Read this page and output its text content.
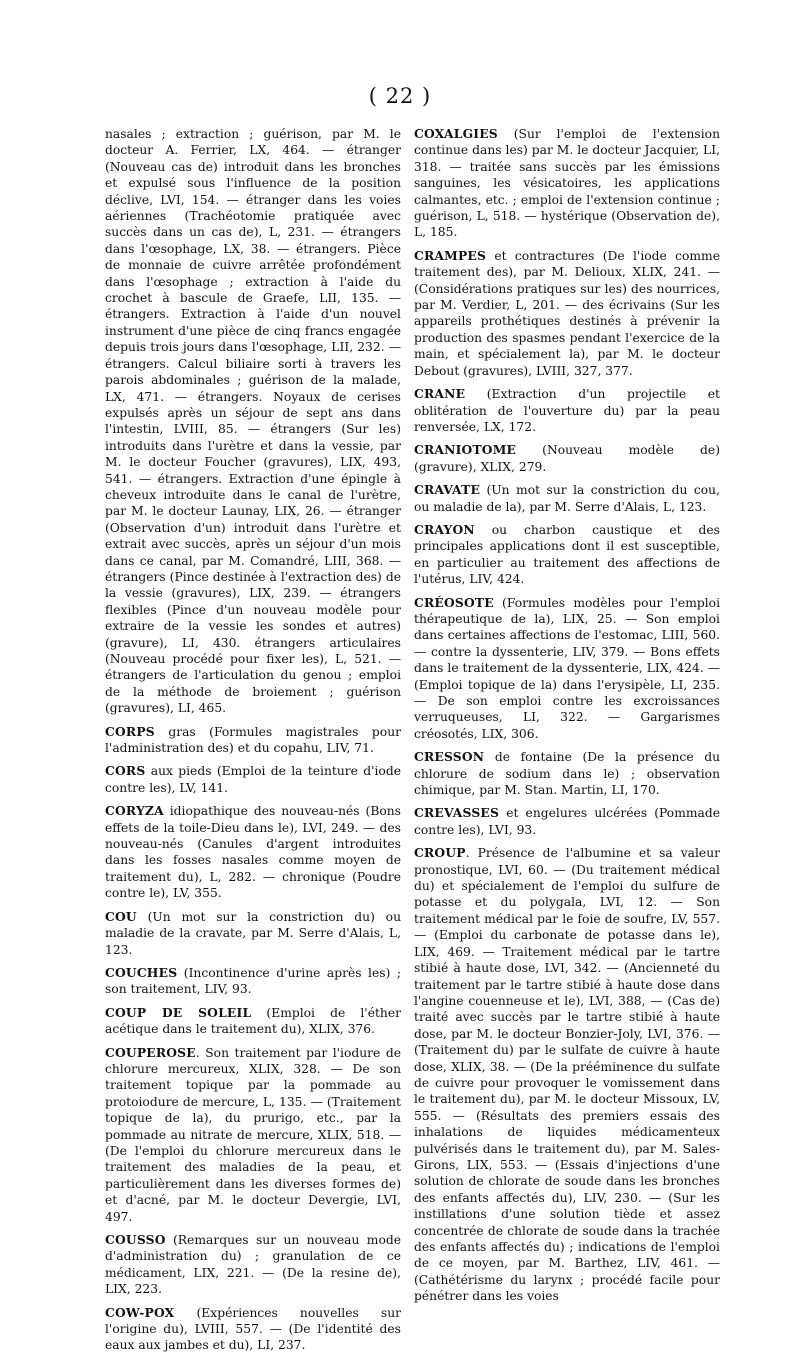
( 22 )

nasales ; extraction ; guérison, par M. le docteur A. Ferrier, LX, 464. — étranger (Nouveau cas de) introduit dans les bronches et expulsé sous l'influence de la position déclive, LVI, 154. — étranger dans les voies aériennes (Trachéotomie pratiquée avec succès dans un cas de), L, 231. — étrangers dans l'œsophage, LX, 38. — étrangers. Pièce de monnaie de cuivre arrêtée profondément dans l'œsophage ; extraction à l'aide du crochet à bascule de Graefe, LII, 135. — étrangers. Extraction à l'aide d'un nouvel instrument d'une pièce de cinq francs engagée depuis trois jours dans l'œsophage, LII, 232. — étrangers. Calcul biliaire sorti à travers les parois abdominales ; guérison de la malade, LX, 471. — étrangers. Noyaux de cerises expulsés après un séjour de sept ans dans l'intestin, LVIII, 85. — étrangers (Sur les) introduits dans l'urètre et dans la vessie, par M. le docteur Foucher (gravures), LIX, 493, 541. — étrangers. Extraction d'une épingle à cheveux introduite dans le canal de l'urètre, par M. le docteur Launay, LIX, 26. — étranger (Observation d'un) introduit dans l'urètre et extrait avec succès, après un séjour d'un mois dans ce canal, par M. Comandré, LIII, 368. — étrangers (Pince destinée à l'extraction des) de la vessie (gravures), LIX, 239. — étrangers flexibles (Pince d'un nouveau modèle pour extraire de la vessie les sondes et autres) (gravure), LI, 430. étrangers articulaires (Nouveau procédé pour fixer les), L, 521. — étrangers de l'articulation du genou ; emploi de la méthode de broiement ; guérison (gravures), LI, 465.

CORPS gras (Formules magistrales pour l'administration des) et du copahu, LIV, 71.

CORS aux pieds (Emploi de la teinture d'iode contre les), LV, 141.

CORYZA idiopathique des nouveau-nés (Bons effets de la toile-Dieu dans le), LVI, 249. — des nouveau-nés (Canules d'argent introduites dans les fosses nasales comme moyen de traitement du), L, 282. — chronique (Poudre contre le), LV, 355.

COU (Un mot sur la constriction du) ou maladie de la cravate, par M. Serre d'Alais, L, 123.

COUCHES (Incontinence d'urine après les) ; son traitement, LIV, 93.

COUP DE SOLEIL (Emploi de l'éther acétique dans le traitement du), XLIX, 376.

COUPEROSE. Son traitement par l'iodure de chlorure mercureux, XLIX, 328. — De son traitement topique par la pommade au protoiodure de mercure, L, 135. — (Traitement topique de la), du prurigo, etc., par la pommade au nitrate de mercure, XLIX, 518. — (De l'emploi du chlorure mercureux dans le traitement des maladies de la peau, et particulièrement dans les diverses formes de) et d'acné, par M. le docteur Devergie, LVI, 497.

COUSSO (Remarques sur un nouveau mode d'administration du) ; granulation de ce médicament, LIX, 221. — (De la resine de), LIX, 223.

COW-POX (Expériences nouvelles sur l'origine du), LVIII, 557. — (De l'identité des eaux aux jambes et du), LI, 237.

COXALGIES (Sur l'emploi de l'extension continue dans les) par M. le docteur Jacquier, LI, 318. — traitée sans succès par les émissions sanguines, les vésicatoires, les applications calmantes, etc. ; emploi de l'extension continue ; guérison, L, 518. — hystérique (Observation de), L, 185.

CRAMPES et contractures (De l'iode comme traitement des), par M. Delioux, XLIX, 241. — (Considérations pratiques sur les) des nourrices, par M. Verdier, L, 201. — des écrivains (Sur les appareils prothétiques destinés à prévenir la production des spasmes pendant l'exercice de la main, et spécialement la), par M. le docteur Debout (gravures), LVIII, 327, 377.

CRANE (Extraction d'un projectile et oblitération de l'ouverture du) par la peau renversée, LX, 172.

CRANIOTOME (Nouveau modèle de) (gravure), XLIX, 279.

CRAVATE (Un mot sur la constriction du cou, ou maladie de la), par M. Serre d'Alais, L, 123.

CRAYON ou charbon caustique et des principales applications dont il est susceptible, en particulier au traitement des affections de l'utérus, LIV, 424.

CRÉOSOTE (Formules modèles pour l'emploi thérapeutique de la), LIX, 25. — Son emploi dans certaines affections de l'estomac, LIII, 560. — contre la dyssenterie, LIV, 379. — Bons effets dans le traitement de la dyssenterie, LIX, 424. — (Emploi topique de la) dans l'erysipèle, LI, 235. — De son emploi contre les excroissances verruqueuses, LI, 322. — Gargarismes créosotés, LIX, 306.

CRESSON de fontaine (De la présence du chlorure de sodium dans le) ; observation chimique, par M. Stan. Martin, LI, 170.

CREVASSES et engelures ulcérées (Pommade contre les), LVI, 93.

CROUP. Présence de l'albumine et sa valeur pronostique, LVI, 60. — (Du traitement médical du) et spécialement de l'emploi du sulfure de potasse et du polygala, LVI, 12. — Son traitement médical par le foie de soufre, LV, 557. — (Emploi du carbonate de potasse dans le), LIX, 469. — Traitement médical par le tartre stibié à haute dose, LVI, 342. — (Ancienneté du traitement par le tartre stibié à haute dose dans l'angine couenneuse et le), LVI, 388, — (Cas de) traité avec succès par le tartre stibié à haute dose, par M. le docteur Bonzier-Joly, LVI, 376. — (Traitement du) par le sulfate de cuivre à haute dose, XLIX, 38. — (De la prééminence du sulfate de cuivre pour provoquer le vomissement dans le traitement du), par M. le docteur Missoux, LV, 555. — (Résultats des premiers essais des inhalations de liquides médicamenteux pulvérisés dans le traitement du), par M. Sales-Girons, LIX, 553. — (Essais d'injections d'une solution de chlorate de soude dans les bronches des enfants affectés du), LIV, 230. — (Sur les instillations d'une solution tiède et assez concentrée de chlorate de soude dans la trachée des enfants affectés du) ; indications de l'emploi de ce moyen, par M. Barthez, LIV, 461. — (Cathétérisme du larynx ; procédé facile pour pénétrer dans les voies
